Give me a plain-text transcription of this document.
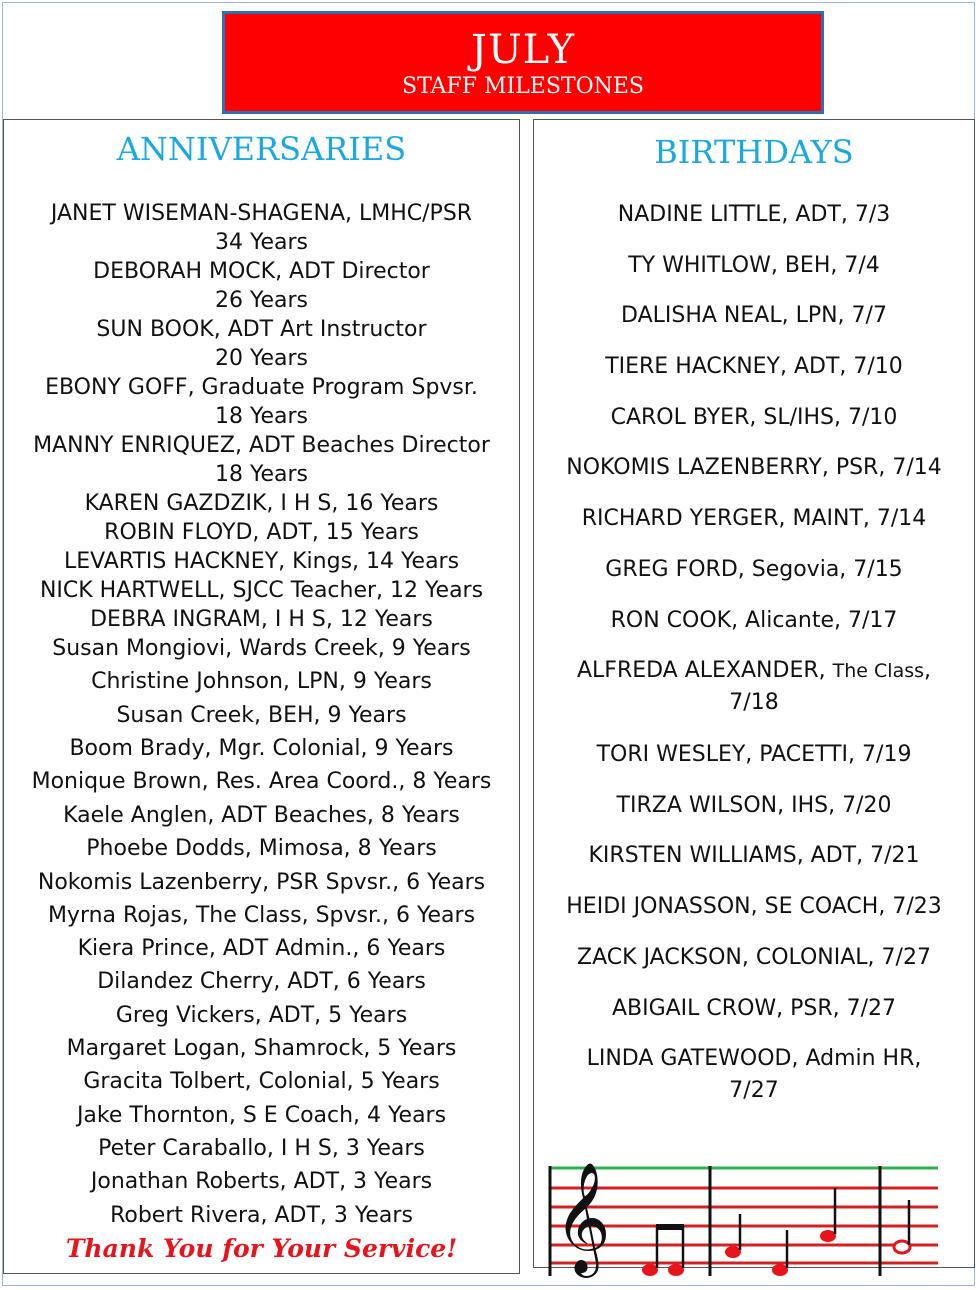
JULY
STAFF MILESTONES
ANNIVERSARIES
JANET WISEMAN-SHAGENA, LMHC/PSR
34 Years
DEBORAH MOCK, ADT Director
26 Years
SUN BOOK, ADT Art Instructor
20 Years
EBONY GOFF, Graduate Program Spvsr.
18 Years
MANNY ENRIQUEZ, ADT Beaches Director
18 Years
KAREN GAZDZIK, I H S, 16 Years
ROBIN FLOYD, ADT, 15 Years
LEVARTIS HACKNEY, Kings, 14 Years
NICK HARTWELL, SJCC Teacher, 12 Years
DEBRA INGRAM, I H S, 12 Years
Susan Mongiovi, Wards Creek, 9 Years
Christine Johnson, LPN, 9 Years
Susan Creek, BEH, 9 Years
Boom Brady, Mgr. Colonial, 9 Years
Monique Brown, Res. Area Coord., 8 Years
Kaele Anglen, ADT Beaches, 8 Years
Phoebe Dodds, Mimosa, 8 Years
Nokomis Lazenberry, PSR Spvsr., 6 Years
Myrna Rojas, The Class, Spvsr., 6 Years
Kiera Prince, ADT Admin., 6 Years
Dilandez Cherry, ADT, 6 Years
Greg Vickers, ADT, 5 Years
Margaret Logan, Shamrock, 5 Years
Gracita Tolbert, Colonial, 5 Years
Jake Thornton, S E Coach, 4 Years
Peter Caraballo, I H S, 3 Years
Jonathan Roberts, ADT, 3 Years
Robert Rivera, ADT, 3 Years
Thank You for Your Service!
BIRTHDAYS
NADINE LITTLE, ADT, 7/3
TY WHITLOW, BEH, 7/4
DALISHA NEAL, LPN, 7/7
TIERE HACKNEY, ADT, 7/10
CAROL BYER, SL/IHS, 7/10
NOKOMIS LAZENBERRY, PSR, 7/14
RICHARD YERGER, MAINT, 7/14
GREG FORD, Segovia, 7/15
RON COOK, Alicante, 7/17
ALFREDA ALEXANDER, The Class,
7/18
TORI WESLEY, PACETTI, 7/19
TIRZA WILSON, IHS, 7/20
KIRSTEN WILLIAMS, ADT, 7/21
HEIDI JONASSON, SE COACH, 7/23
ZACK JACKSON, COLONIAL, 7/27
ABIGAIL CROW, PSR, 7/27
LINDA GATEWOOD, Admin HR,
7/27
𝄞
